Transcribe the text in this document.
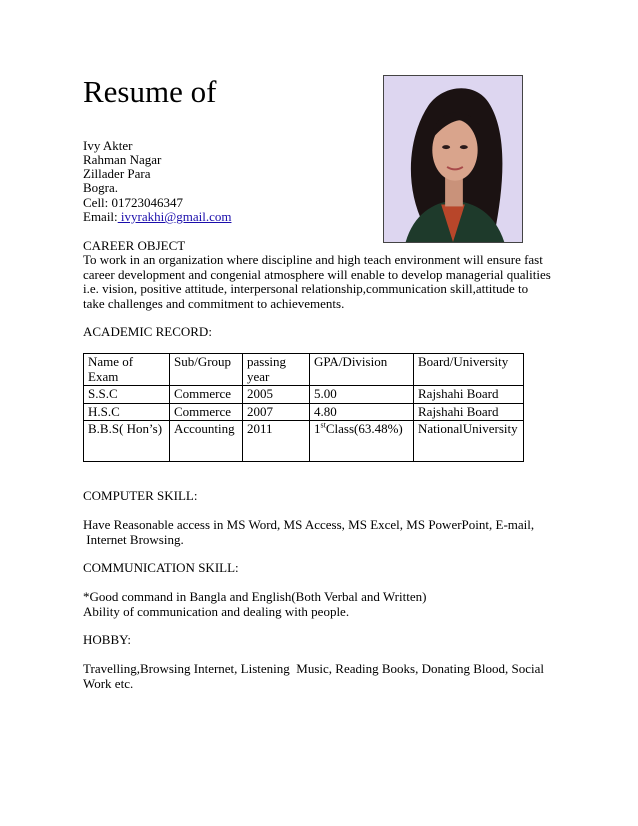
Resume of
Ivy Akter
Rahman Nagar
Zillader Para
Bogra.
Cell: 01723046347
Email: ivyrakhi@gmail.com
CAREER OBJECT
To work in an organization where discipline and high teach environment will ensure fast
career development and congenial atmosphere will enable to develop managerial qualities
i.e. vision, positive attitude, interpersonal relationship,communication skill,attitude to
take challenges and commitment to achievements.
ACADEMIC RECORD:
Name of Exam	Sub/Group	passing year	GPA/Division	Board/University
S.S.C	Commerce	2005	5.00	Rajshahi Board
H.S.C	Commerce	2007	4.80	Rajshahi Board
B.B.S( Hon’s)	Accounting	2011	1stClass(63.48%)	NationalUniversity
COMPUTER SKILL:
Have Reasonable access in MS Word, MS Access, MS Excel, MS PowerPoint, E-mail,
Internet Browsing.
COMMUNICATION SKILL:
*Good command in Bangla and English(Both Verbal and Written)
Ability of communication and dealing with people.
HOBBY:
Travelling,Browsing Internet, Listening  Music, Reading Books, Donating Blood, Social
Work etc.
